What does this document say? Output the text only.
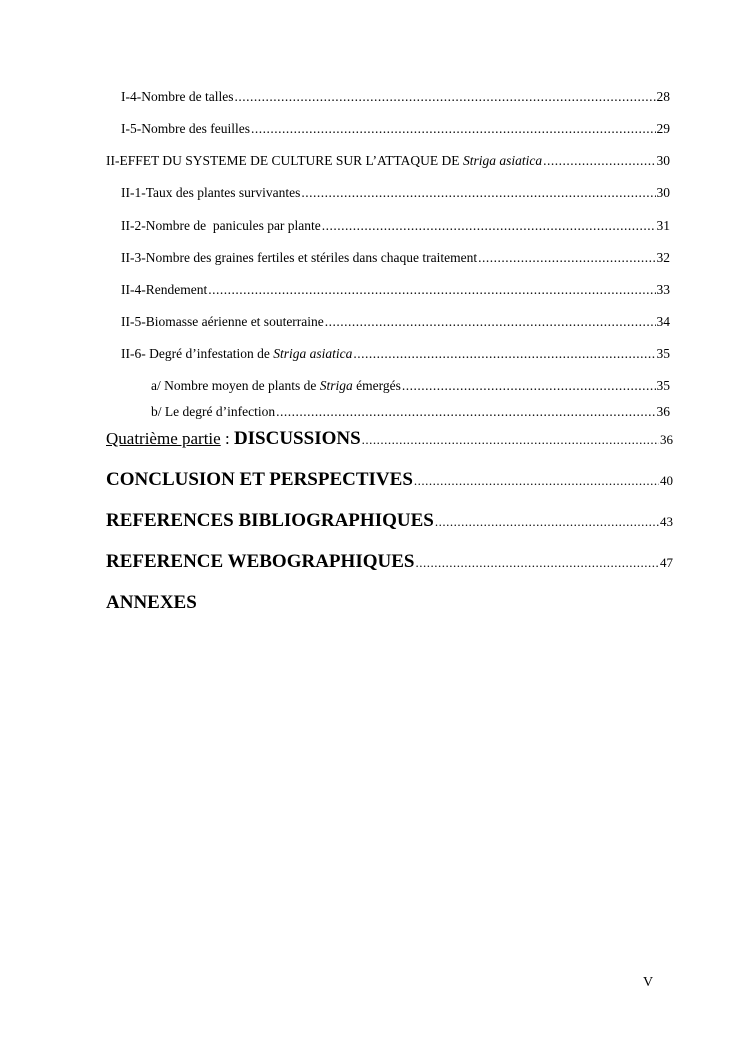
I-4-Nombre de talles .....	28
I-5-Nombre des feuilles .....	29
II-EFFET DU SYSTEME DE CULTURE SUR L’ATTAQUE DE Striga asiatica .....	30
II-1-Taux des plantes survivantes .....	30
II-2-Nombre de  panicules par plante .....	31
II-3-Nombre des graines fertiles et stériles dans chaque traitement .....	32
II-4-Rendement .....	33
II-5-Biomasse aérienne et souterraine .....	34
II-6- Degré d’infestation de Striga asiatica .....	35
a/ Nombre moyen de plants de Striga émergés .....	35
b/ Le degré d’infection .....	36
Quatrième partie : DISCUSSIONS .....	36
CONCLUSION ET PERSPECTIVES .....	40
REFERENCES BIBLIOGRAPHIQUES .....	43
REFERENCE WEBOGRAPHIQUES .....	47
ANNEXES
V
